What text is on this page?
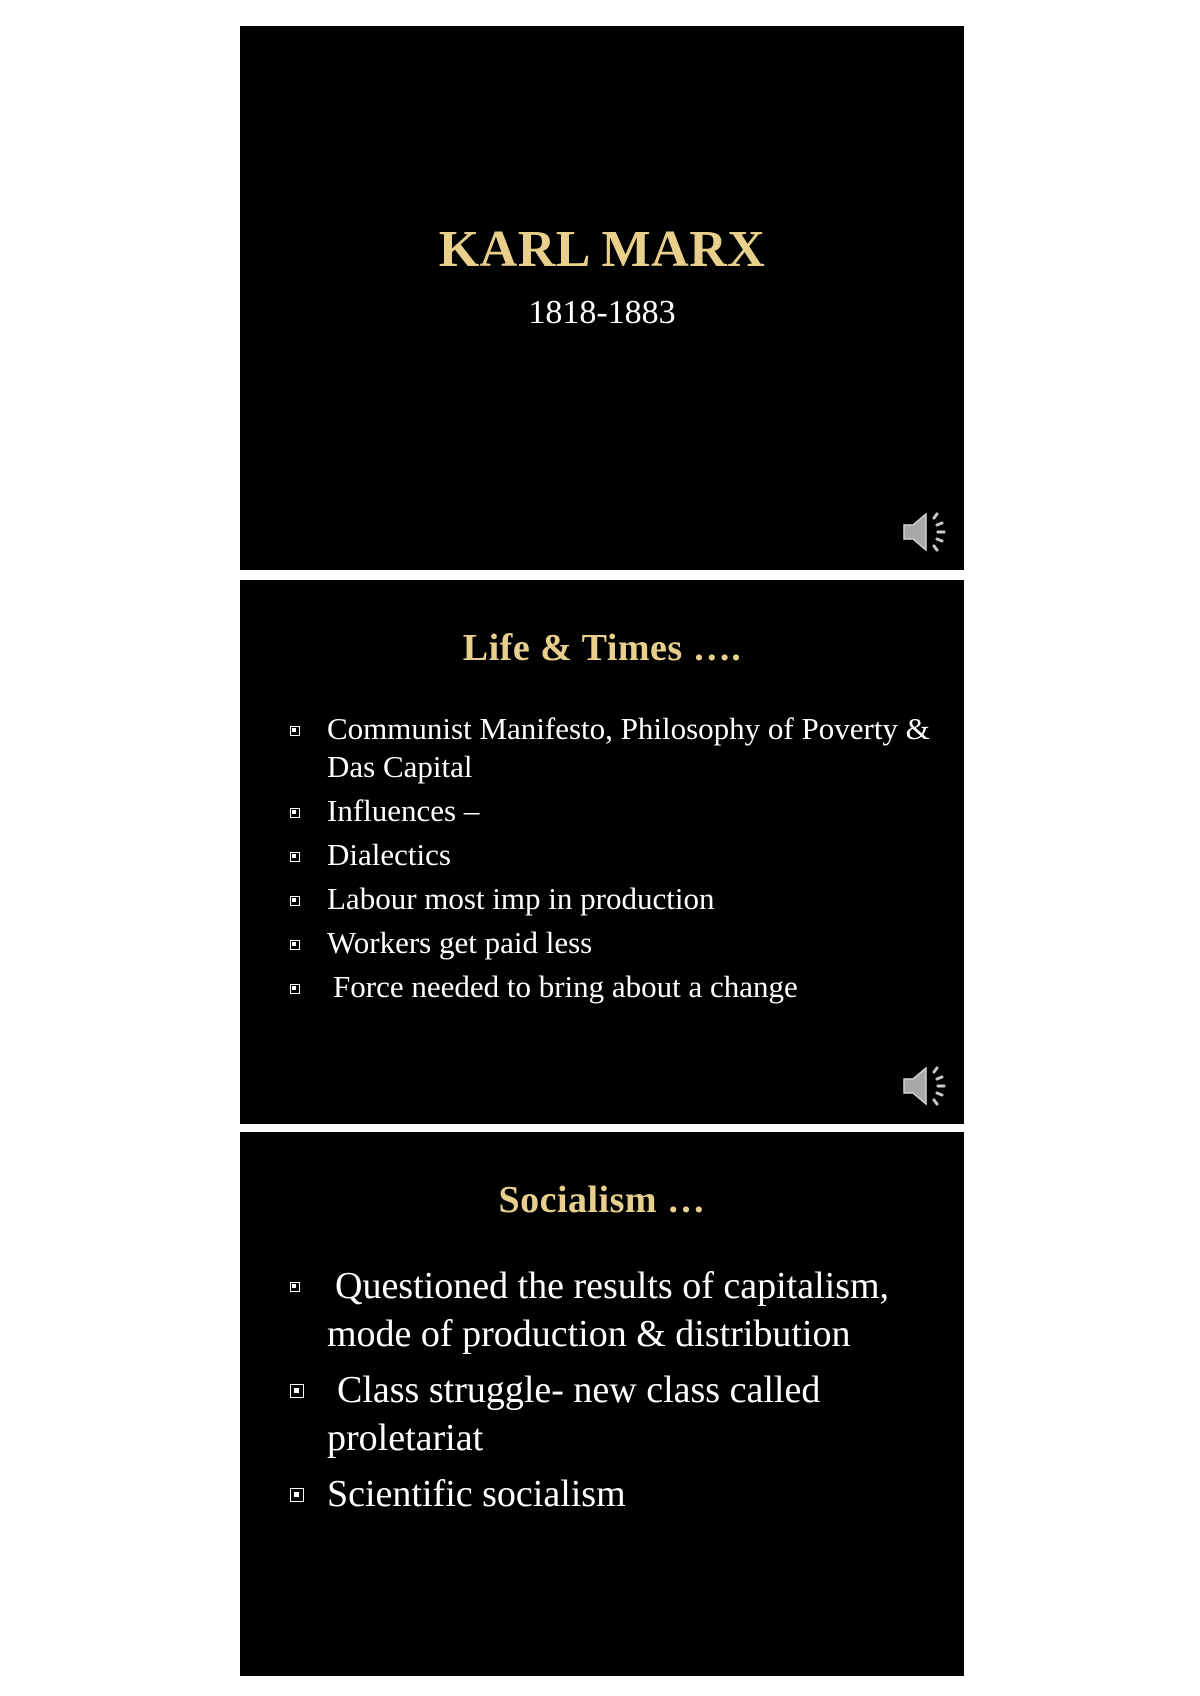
KARL MARX
1818-1883
Life & Times ….
Communist Manifesto, Philosophy of Poverty & Das Capital
Influences –
Dialectics
Labour most imp in production
Workers get paid less
Force needed to bring about a change
Socialism …
Questioned the results of capitalism, mode of production & distribution
Class struggle- new class called proletariat
Scientific socialism
